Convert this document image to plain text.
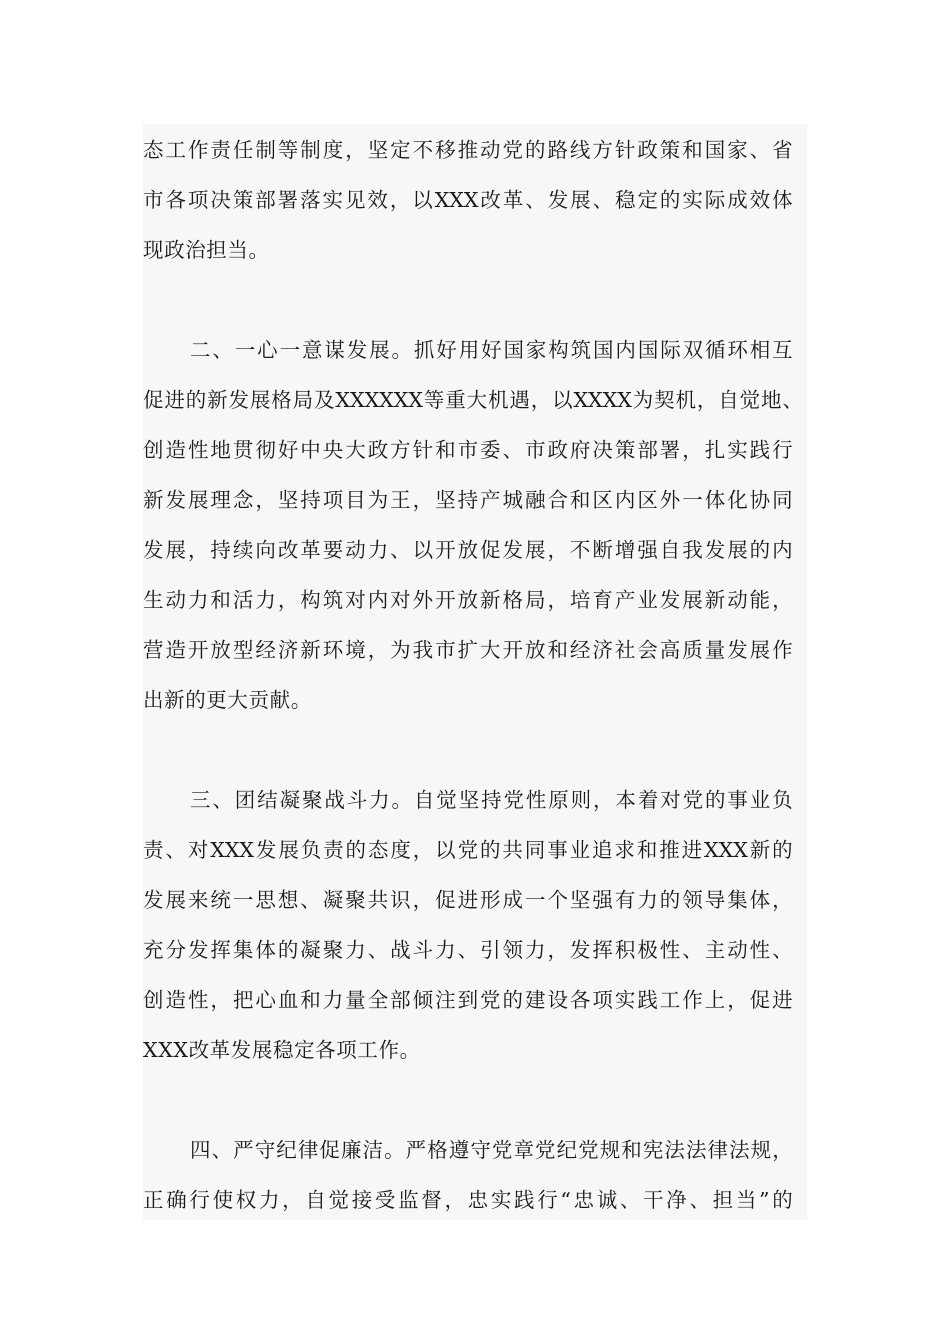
态 工 作 责 任 制 等 制 度 ， 坚 定 不 移 推 动 党 的 路 线 方 针 政 策 和 国 家 、 省
市 各 项 决 策 部 署 落 实 见 效 ， 以 XXX 改 革 、 发 展 、 稳 定 的 实 际 成 效 体
现政治担当。
二 、 一 心 一 意 谋 发 展 。 抓 好 用 好 国 家 构 筑 国 内 国 际 双 循 环 相 互
促 进 的 新 发 展 格 局 及 XXXXXX 等 重 大 机 遇 ， 以 XXXX 为 契 机 ， 自 觉 地 、
创 造 性 地 贯 彻 好 中 央 大 政 方 针 和 市 委 、 市 政 府 决 策 部 署 ， 扎 实 践 行
新 发 展 理 念 ， 坚 持 项 目 为 王 ， 坚 持 产 城 融 合 和 区 内 区 外 一 体 化 协 同
发 展 ， 持 续 向 改 革 要 动 力 、 以 开 放 促 发 展 ， 不 断 增 强 自 我 发 展 的 内
生 动 力 和 活 力 ， 构 筑 对 内 对 外 开 放 新 格 局 ， 培 育 产 业 发 展 新 动 能 ，
营 造 开 放 型 经 济 新 环 境 ， 为 我 市 扩 大 开 放 和 经 济 社 会 高 质 量 发 展 作
出新的更大贡献。
三 、 团 结 凝 聚 战 斗 力 。 自 觉 坚 持 党 性 原 则 ， 本 着 对 党 的 事 业 负
责 、 对 XXX 发 展 负 责 的 态 度 ， 以 党 的 共 同 事 业 追 求 和 推 进 XXX 新 的
发 展 来 统 一 思 想 、 凝 聚 共 识 ， 促 进 形 成 一 个 坚 强 有 力 的 领 导 集 体 ，
充 分 发 挥 集 体 的 凝 聚 力 、 战 斗 力 、 引 领 力 ， 发 挥 积 极 性 、 主 动 性 、
创 造 性 ， 把 心 血 和 力 量 全 部 倾 注 到 党 的 建 设 各 项 实 践 工 作 上 ， 促 进
XXX改革发展稳定各项工作。
四 、 严 守 纪 律 促 廉 洁 。 严 格 遵 守 党 章 党 纪 党 规 和 宪 法 法 律 法 规 ，
正 确 行 使 权 力 ， 自 觉 接 受 监 督 ， 忠 实 践 行 “ 忠 诚 、 干 净 、 担 当 ” 的
